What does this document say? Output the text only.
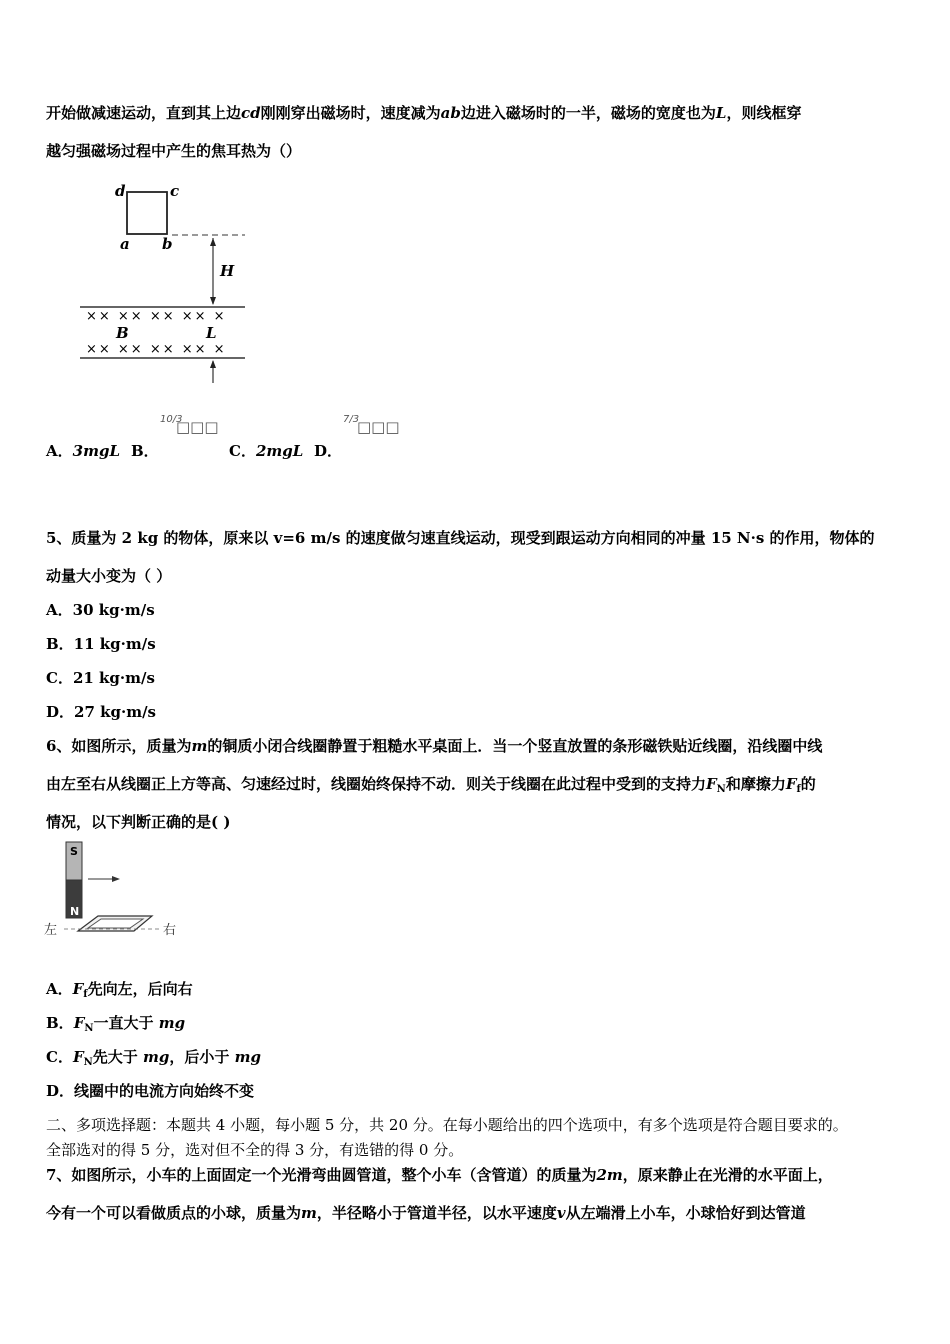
开始做减速运动，直到其上边cd刚刚穿出磁场时，速度减为ab边进入磁场时的一半，磁场的宽度也为L，则线框穿
越匀强磁场过程中产生的焦耳热为（）
d	c
a b
H
×× ×× ×× ×× ×
B	L
×× ×× ×× ×× ×
A．3mgL B．
10/3
□□□
C．2mgL D．
7/3
□□□
5、质量为 2 kg 的物体，原来以 v=6 m/s 的速度做匀速直线运动，现受到跟运动方向相同的冲量 15 N·s 的作用，物体的
动量大小变为（ ）
A．30 kg·m/s
B．11 kg·m/s
C．21 kg·m/s
D．27 kg·m/s
6、如图所示，质量为m的铜质小闭合线圈静置于粗糙水平桌面上．当一个竖直放置的条形磁铁贴近线圈，沿线圈中线
由左至右从线圈正上方等高、匀速经过时，线圈始终保持不动．则关于线圈在此过程中受到的支持力$F_N$和摩擦力$F_f$的
情况，以下判断正确的是( )
S
N
左	右
A．$F_f$先向左，后向右
B．$F_N$一直大于 mg
C．$F_N$先大于 mg，后小于 mg
D．线圈中的电流方向始终不变
二、多项选择题：本题共 4 小题，每小题 5 分，共 20 分。在每小题给出的四个选项中，有多个选项是符合题目要求的。
全部选对的得 5 分，选对但不全的得 3 分，有选错的得 0 分。
7、如图所示，小车的上面固定一个光滑弯曲圆管道，整个小车（含管道）的质量为2m，原来静止在光滑的水平面上，
今有一个可以看做质点的小球，质量为m，半径略小于管道半径，以水平速度v从左端滑上小车，小球恰好到达管道
